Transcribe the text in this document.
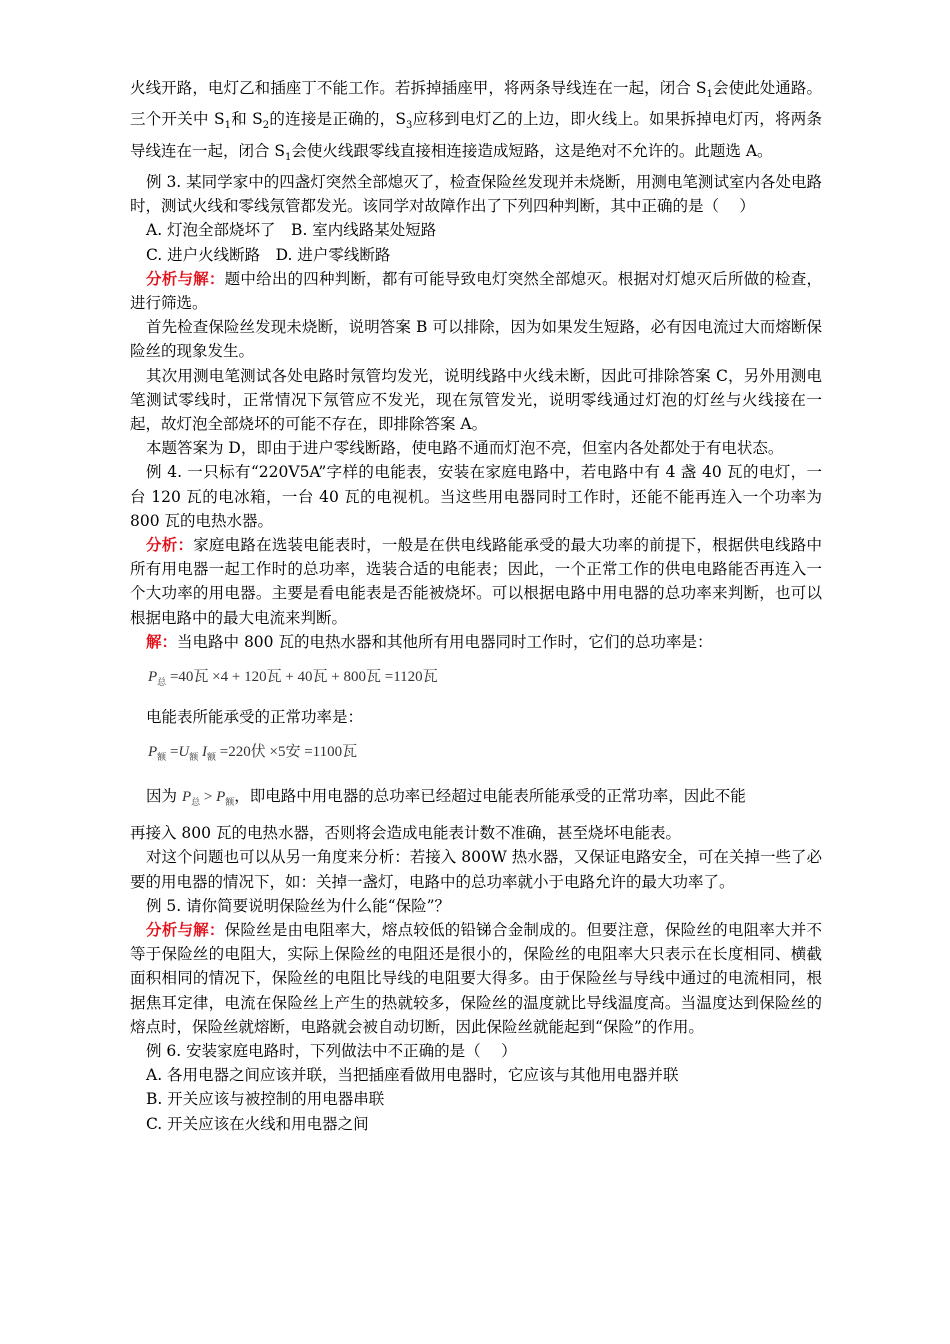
火线开路，电灯乙和插座丁不能工作。若拆掉插座甲，将两条导线连在一起，闭合 $S_1$会使此处通路。三个开关中 $S_1$和 $S_2$的连接是正确的，$S_3$应移到电灯乙的上边，即火线上。如果拆掉电灯丙，将两条导线连在一起，闭合 $S_1$会使火线跟零线直接相连接造成短路，这是绝对不允许的。此题选 A。

例 3. 某同学家中的四盏灯突然全部熄灭了，检查保险丝发现并未烧断，用测电笔测试室内各处电路时，测试火线和零线氖管都发光。该同学对故障作出了下列四种判断，其中正确的是（　 ）

A. 灯泡全部烧坏了　B. 室内线路某处短路

C. 进户火线断路　D. 进户零线断路

分析与解：题中给出的四种判断，都有可能导致电灯突然全部熄灭。根据对灯熄灭后所做的检查，进行筛选。

首先检查保险丝发现未烧断，说明答案 B 可以排除，因为如果发生短路，必有因电流过大而熔断保险丝的现象发生。

其次用测电笔测试各处电路时氖管均发光，说明线路中火线未断，因此可排除答案 C，另外用测电笔测试零线时，正常情况下氖管应不发光，现在氖管发光，说明零线通过灯泡的灯丝与火线接在一起，故灯泡全部烧坏的可能不存在，即排除答案 A。

本题答案为 D，即由于进户零线断路，使电路不通而灯泡不亮，但室内各处都处于有电状态。

例 4. 一只标有“220V5A”字样的电能表，安装在家庭电路中，若电路中有 4 盏 40 瓦的电灯，一台 120 瓦的电冰箱，一台 40 瓦的电视机。当这些用电器同时工作时，还能不能再连入一个功率为 800 瓦的电热水器。

分析：家庭电路在选装电能表时，一般是在供电线路能承受的最大功率的前提下，根据供电线路中所有用电器一起工作时的总功率，选装合适的电能表；因此，一个正常工作的供电电路能否再连入一个大功率的用电器。主要是看电能表是否能被烧坏。可以根据电路中用电器的总功率来判断，也可以根据电路中的最大电流来判断。

解：当电路中 800 瓦的电热水器和其他所有用电器同时工作时，它们的总功率是：

$P_总 =40$瓦 ×4 + 120瓦 + 40瓦 + 800瓦 =1120瓦

电能表所能承受的正常功率是：

$P_额 =U_额$ $I_额 =220$伏 ×5安 =1100瓦

因为 $P_总 > P_额$，即电路中用电器的总功率已经超过电能表所能承受的正常功率，因此不能

再接入 800 瓦的电热水器，否则将会造成电能表计数不准确，甚至烧坏电能表。

对这个问题也可以从另一角度来分析：若接入 800W 热水器，又保证电路安全，可在关掉一些了必要的用电器的情况下，如：关掉一盏灯，电路中的总功率就小于电路允许的最大功率了。

例 5. 请你简要说明保险丝为什么能“保险”？

分析与解：保险丝是由电阻率大，熔点较低的铅锑合金制成的。但要注意，保险丝的电阻率大并不等于保险丝的电阻大，实际上保险丝的电阻还是很小的，保险丝的电阻率大只表示在长度相同、横截面积相同的情况下，保险丝的电阻比导线的电阻要大得多。由于保险丝与导线中通过的电流相同，根据焦耳定律，电流在保险丝上产生的热就较多，保险丝的温度就比导线温度高。当温度达到保险丝的熔点时，保险丝就熔断，电路就会被自动切断，因此保险丝就能起到“保险”的作用。

例 6. 安装家庭电路时，下列做法中不正确的是（　 ）

A. 各用电器之间应该并联，当把插座看做用电器时，它应该与其他用电器并联

B. 开关应该与被控制的用电器串联

C. 开关应该在火线和用电器之间
